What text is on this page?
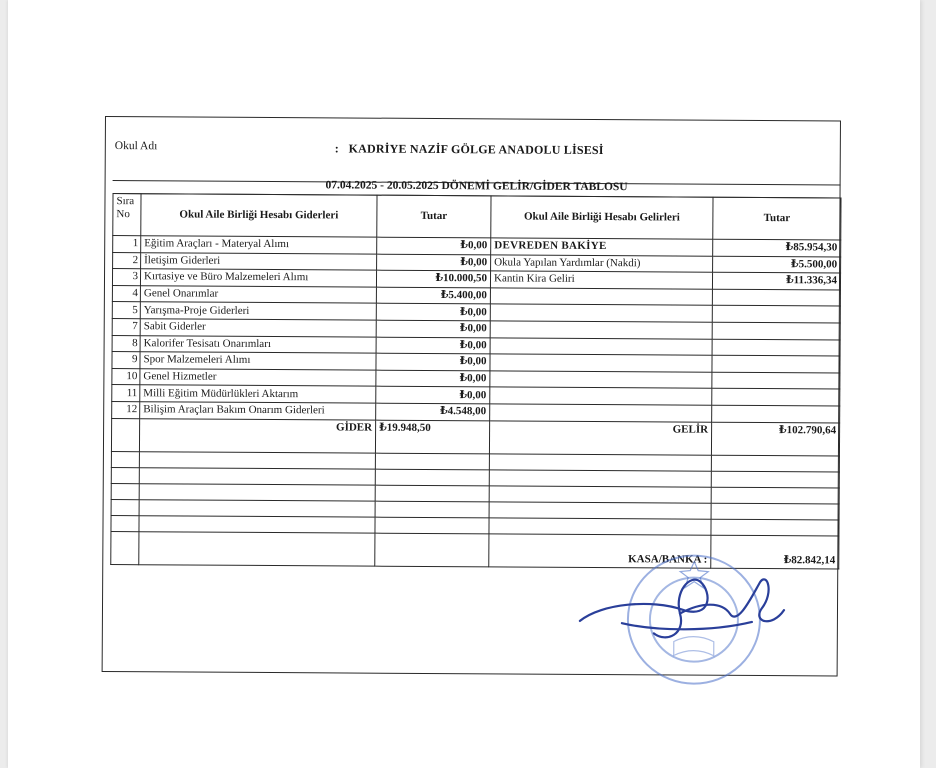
Okul Adı	: KADRİYE NAZİF GÖLGE ANADOLU LİSESİ
07.04.2025 - 20.05.2025 DÖNEMİ GELİR/GİDER TABLOSU
Sıra No	Okul Aile Birliği Hesabı Giderleri	Tutar	Okul Aile Birliği Hesabı Gelirleri	Tutar
1	Eğitim Araçları - Materyal Alımı	₺0,00	DEVREDEN BAKİYE	₺85.954,30
2	İletişim Giderleri	₺0,00	Okula Yapılan Yardımlar (Nakdi)	₺5.500,00
3	Kırtasiye ve Büro Malzemeleri Alımı	₺10.000,50	Kantin Kira Geliri	₺11.336,34
4	Genel Onarımlar	₺5.400,00		
5	Yarışma-Proje Giderleri	₺0,00		
7	Sabit Giderler	₺0,00		
8	Kalorifer Tesisatı Onarımları	₺0,00		
9	Spor Malzemeleri Alımı	₺0,00		
10	Genel Hizmetler	₺0,00		
11	Milli Eğitim Müdürlükleri Aktarım	₺0,00		
12	Bilişim Araçları Bakım Onarım Giderleri	₺4.548,00		
	GİDER	₺19.948,50	GELİR	₺102.790,64

			KASA/BANKA :	₺82.842,14
